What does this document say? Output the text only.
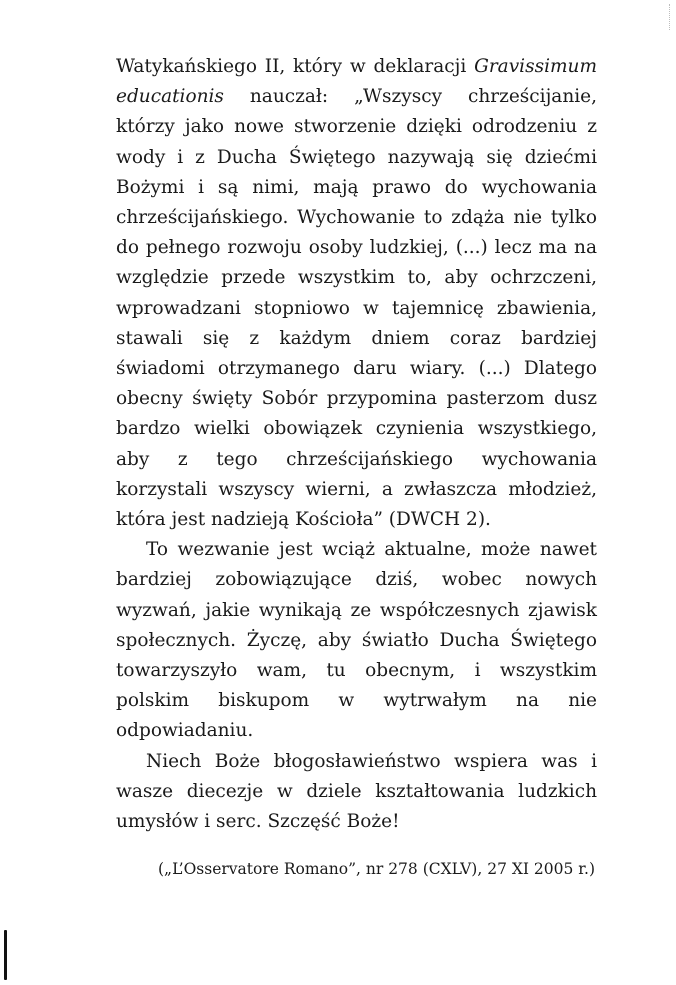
Watykańskiego II, który w deklaracji Gravissimum educationis nauczał: „Wszyscy chrześcijanie, którzy jako nowe stworzenie dzięki odrodzeniu z wody i z Ducha Świętego nazywają się dziećmi Bożymi i są nimi, mają prawo do wychowania chrześcijańskiego. Wychowanie to zdąża nie tylko do pełnego rozwoju osoby ludzkiej, (...) lecz ma na względzie przede wszystkim to, aby ochrzczeni, wprowadzani stopniowo w tajemnicę zbawienia, stawali się z każdym dniem coraz bardziej świadomi otrzymanego daru wiary. (...) Dlatego obecny święty Sobór przypomina pasterzom dusz bardzo wielki obowiązek czynienia wszystkiego, aby z tego chrześcijańskiego wychowania korzystali wszyscy wierni, a zwłaszcza młodzież, która jest nadzieją Kościoła” (DWCH 2).

To wezwanie jest wciąż aktualne, może nawet bardziej zobowiązujące dziś, wobec nowych wyzwań, jakie wynikają ze współczesnych zjawisk społecznych. Życzę, aby światło Ducha Świętego towarzyszyło wam, tu obecnym, i wszystkim polskim biskupom w wytrwałym na nie odpowiadaniu.

Niech Boże błogosławieństwo wspiera was i wasze diecezje w dziele kształtowania ludzkich umysłów i serc. Szczęść Boże!

(„L’Osservatore Romano”, nr 278 (CXLV), 27 XI 2005 r.)
